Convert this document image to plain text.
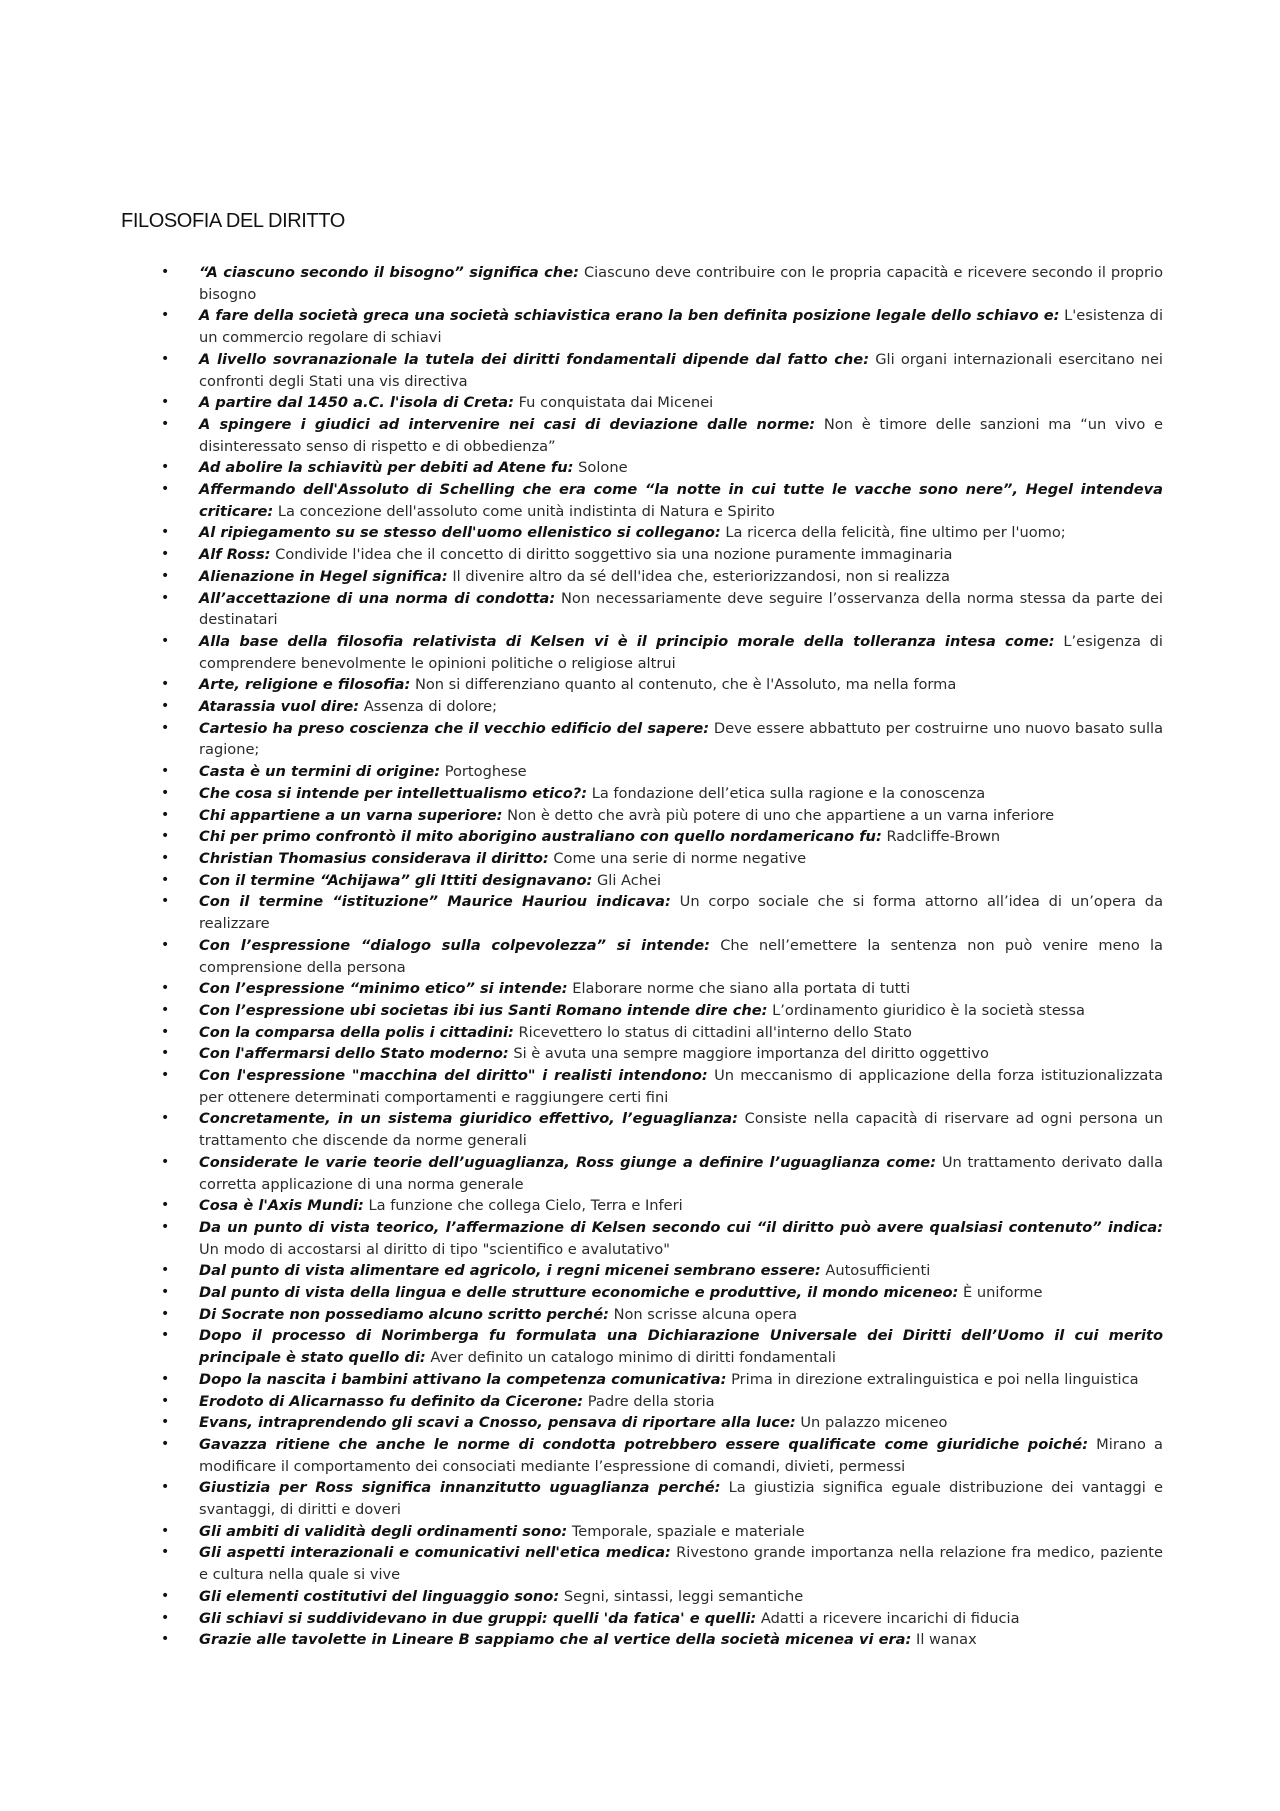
FILOSOFIA DEL DIRITTO
• “A ciascuno secondo il bisogno” significa che: Ciascuno deve contribuire con le propria capacità e ricevere secondo il proprio bisogno
• A fare della società greca una società schiavistica erano la ben definita posizione legale dello schiavo e: L'esistenza di un commercio regolare di schiavi
• A livello sovranazionale la tutela dei diritti fondamentali dipende dal fatto che: Gli organi internazionali esercitano nei confronti degli Stati una vis directiva
• A partire dal 1450 a.C. l'isola di Creta: Fu conquistata dai Micenei
• A spingere i giudici ad intervenire nei casi di deviazione dalle norme: Non è timore delle sanzioni ma “un vivo e disinteressato senso di rispetto e di obbedienza”
• Ad abolire la schiavitù per debiti ad Atene fu: Solone
• Affermando dell'Assoluto di Schelling che era come “la notte in cui tutte le vacche sono nere”, Hegel intendeva criticare: La concezione dell'assoluto come unità indistinta di Natura e Spirito
• Al ripiegamento su se stesso dell'uomo ellenistico si collegano: La ricerca della felicità, fine ultimo per l'uomo;
• Alf Ross: Condivide l'idea che il concetto di diritto soggettivo sia una nozione puramente immaginaria
• Alienazione in Hegel significa: Il divenire altro da sé dell'idea che, esteriorizzandosi, non si realizza
• All’accettazione di una norma di condotta: Non necessariamente deve seguire l’osservanza della norma stessa da parte dei destinatari
• Alla base della filosofia relativista di Kelsen vi è il principio morale della tolleranza intesa come: L’esigenza di comprendere benevolmente le opinioni politiche o religiose altrui
• Arte, religione e filosofia: Non si differenziano quanto al contenuto, che è l'Assoluto, ma nella forma
• Atarassia vuol dire: Assenza di dolore;
• Cartesio ha preso coscienza che il vecchio edificio del sapere: Deve essere abbattuto per costruirne uno nuovo basato sulla ragione;
• Casta è un termini di origine: Portoghese
• Che cosa si intende per intellettualismo etico?: La fondazione dell’etica sulla ragione e la conoscenza
• Chi appartiene a un varna superiore: Non è detto che avrà più potere di uno che appartiene a un varna inferiore
• Chi per primo confrontò il mito aborigino australiano con quello nordamericano fu: Radcliffe-Brown
• Christian Thomasius considerava il diritto: Come una serie di norme negative
• Con il termine “Achijawa” gli Ittiti designavano: Gli Achei
• Con il termine “istituzione” Maurice Hauriou indicava: Un corpo sociale che si forma attorno all’idea di un’opera da realizzare
• Con l’espressione “dialogo sulla colpevolezza” si intende: Che nell’emettere la sentenza non può venire meno la comprensione della persona
• Con l’espressione “minimo etico” si intende: Elaborare norme che siano alla portata di tutti
• Con l’espressione ubi societas ibi ius Santi Romano intende dire che: L’ordinamento giuridico è la società stessa
• Con la comparsa della polis i cittadini: Ricevettero lo status di cittadini all'interno dello Stato
• Con l'affermarsi dello Stato moderno: Si è avuta una sempre maggiore importanza del diritto oggettivo
• Con l'espressione "macchina del diritto" i realisti intendono: Un meccanismo di applicazione della forza istituzionalizzata per ottenere determinati comportamenti e raggiungere certi fini
• Concretamente, in un sistema giuridico effettivo, l’eguaglianza: Consiste nella capacità di riservare ad ogni persona un trattamento che discende da norme generali
• Considerate le varie teorie dell’uguaglianza, Ross giunge a definire l’uguaglianza come: Un trattamento derivato dalla corretta applicazione di una norma generale
• Cosa è l'Axis Mundi: La funzione che collega Cielo, Terra e Inferi
• Da un punto di vista teorico, l’affermazione di Kelsen secondo cui “il diritto può avere qualsiasi contenuto” indica: Un modo di accostarsi al diritto di tipo "scientifico e avalutativo"
• Dal punto di vista alimentare ed agricolo, i regni micenei sembrano essere: Autosufficienti
• Dal punto di vista della lingua e delle strutture economiche e produttive, il mondo miceneo: È uniforme
• Di Socrate non possediamo alcuno scritto perché: Non scrisse alcuna opera
• Dopo il processo di Norimberga fu formulata una Dichiarazione Universale dei Diritti dell’Uomo il cui merito principale è stato quello di: Aver definito un catalogo minimo di diritti fondamentali
• Dopo la nascita i bambini attivano la competenza comunicativa: Prima in direzione extralinguistica e poi nella linguistica
• Erodoto di Alicarnasso fu definito da Cicerone: Padre della storia
• Evans, intraprendendo gli scavi a Cnosso, pensava di riportare alla luce: Un palazzo miceneo
• Gavazza ritiene che anche le norme di condotta potrebbero essere qualificate come giuridiche poiché: Mirano a modificare il comportamento dei consociati mediante l’espressione di comandi, divieti, permessi
• Giustizia per Ross significa innanzitutto uguaglianza perché: La giustizia significa eguale distribuzione dei vantaggi e svantaggi, di diritti e doveri
• Gli ambiti di validità degli ordinamenti sono: Temporale, spaziale e materiale
• Gli aspetti interazionali e comunicativi nell'etica medica: Rivestono grande importanza nella relazione fra medico, paziente e cultura nella quale si vive
• Gli elementi costitutivi del linguaggio sono: Segni, sintassi, leggi semantiche
• Gli schiavi si suddividevano in due gruppi: quelli 'da fatica' e quelli: Adatti a ricevere incarichi di fiducia
• Grazie alle tavolette in Lineare B sappiamo che al vertice della società micenea vi era: Il wanax
